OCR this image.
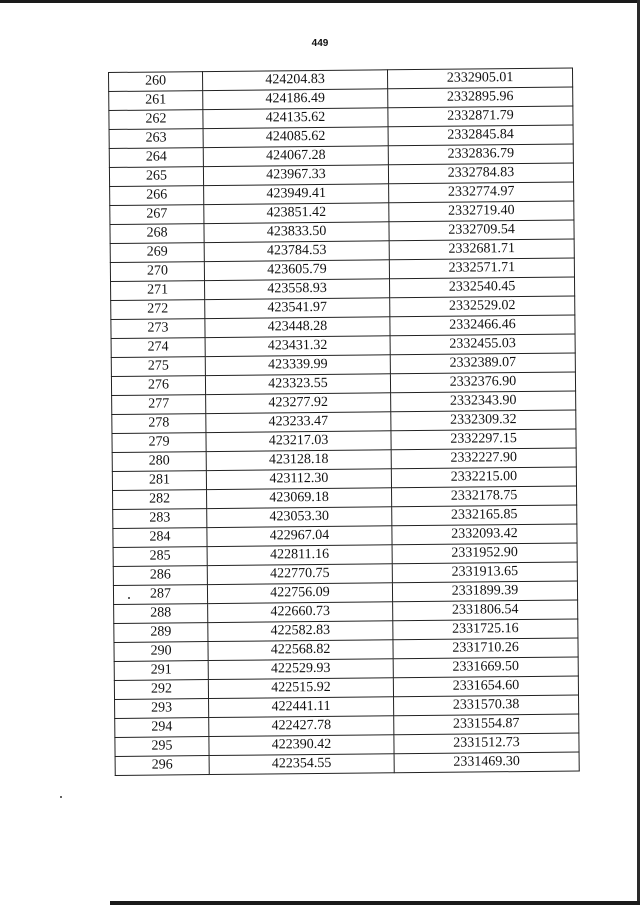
449
260	424204.83	2332905.01
261	424186.49	2332895.96
262	424135.62	2332871.79
263	424085.62	2332845.84
264	424067.28	2332836.79
265	423967.33	2332784.83
266	423949.41	2332774.97
267	423851.42	2332719.40
268	423833.50	2332709.54
269	423784.53	2332681.71
270	423605.79	2332571.71
271	423558.93	2332540.45
272	423541.97	2332529.02
273	423448.28	2332466.46
274	423431.32	2332455.03
275	423339.99	2332389.07
276	423323.55	2332376.90
277	423277.92	2332343.90
278	423233.47	2332309.32
279	423217.03	2332297.15
280	423128.18	2332227.90
281	423112.30	2332215.00
282	423069.18	2332178.75
283	423053.30	2332165.85
284	422967.04	2332093.42
285	422811.16	2331952.90
286	422770.75	2331913.65
287	422756.09	2331899.39
288	422660.73	2331806.54
289	422582.83	2331725.16
290	422568.82	2331710.26
291	422529.93	2331669.50
292	422515.92	2331654.60
293	422441.11	2331570.38
294	422427.78	2331554.87
295	422390.42	2331512.73
296	422354.55	2331469.30
